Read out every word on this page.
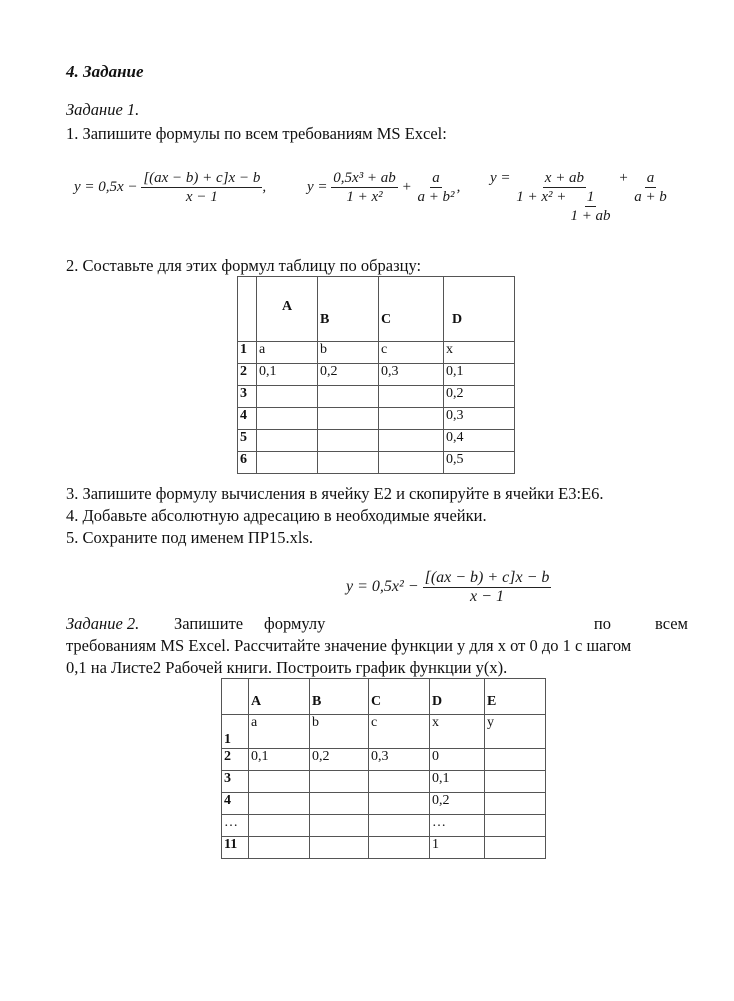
4. Задание
Задание 1.
1. Запишите формулы по всем требованиям MS Excel:
$y = 0,5x - \frac{[(ax - b) + c]x - b}{x - 1}$ ,	$y = \frac{\text{0,5x³ + ab}}{\text{1 + x²}} + \frac{a}{\text{a + b²}}$ ,
$y = \frac{x + ab}{1 + x^2 + \frac{1}{1 + ab}} + \frac{a}{a + b}$
2. Составьте для этих формул таблицу по образцу:
	A	B	C	D
1	a	b	c	x
2	0,1	0,2	0,3	0,1
3				0,2
4				0,3
5				0,4
6				0,5
3. Запишите формулу вычисления в ячейку E2 и скопируйте в ячейки E3:E6.
4. Добавьте абсолютную адресацию в необходимые ячейки.
5. Сохраните под именем ПР15.xls.
$y = 0,5x^2 - \frac{[(ax - b) + c]x - b}{x - 1}$
Задание 2.	Запишите	формулу	по	всем
требованиям MS Excel. Рассчитайте значение функции y для x от 0 до 1 с шагом
0,1 на Листе2 Рабочей книги. Построить график функции y(x).
	A	B	C	D	E
1	a	b	c	x	y
2	0,1	0,2	0,3	0	
3				0,1	
4				0,2	
…				…	
11				1	
